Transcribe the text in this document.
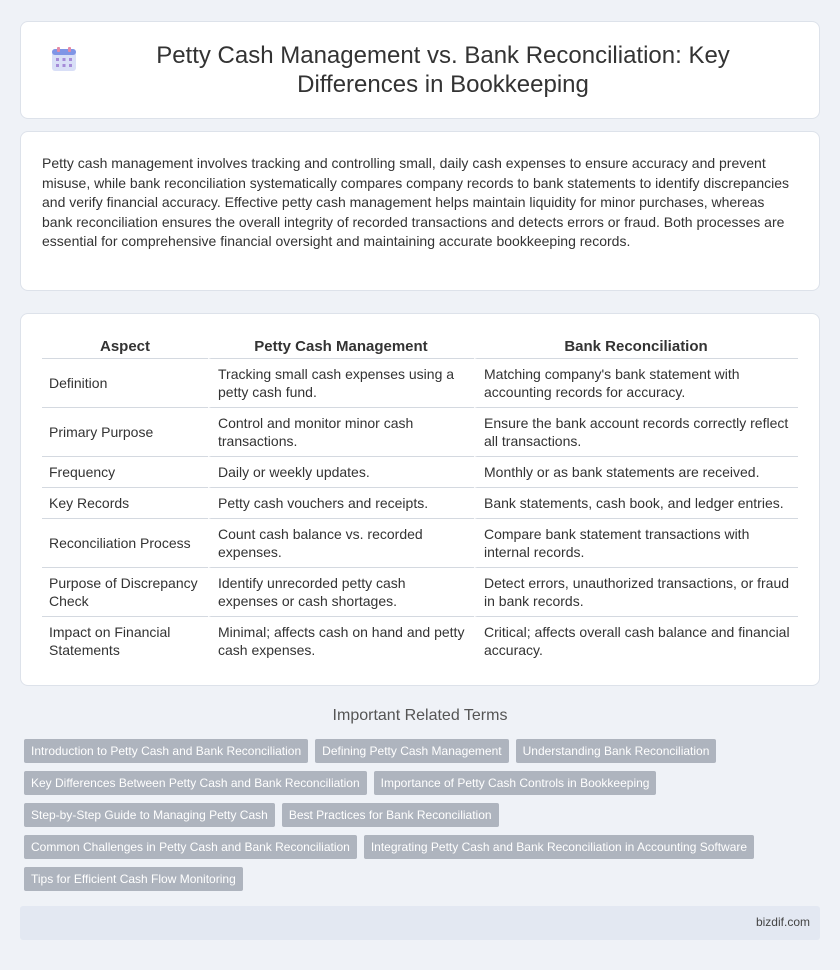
Petty Cash Management vs. Bank Reconciliation: Key Differences in Bookkeeping

Petty cash management involves tracking and controlling small, daily cash expenses to ensure accuracy and prevent misuse, while bank reconciliation systematically compares company records to bank statements to identify discrepancies and verify financial accuracy. Effective petty cash management helps maintain liquidity for minor purchases, whereas bank reconciliation ensures the overall integrity of recorded transactions and detects errors or fraud. Both processes are essential for comprehensive financial oversight and maintaining accurate bookkeeping records.

Aspect	Petty Cash Management	Bank Reconciliation
Definition	Tracking small cash expenses using a petty cash fund.	Matching company's bank statement with accounting records for accuracy.
Primary Purpose	Control and monitor minor cash transactions.	Ensure the bank account records correctly reflect all transactions.
Frequency	Daily or weekly updates.	Monthly or as bank statements are received.
Key Records	Petty cash vouchers and receipts.	Bank statements, cash book, and ledger entries.
Reconciliation Process	Count cash balance vs. recorded expenses.	Compare bank statement transactions with internal records.
Purpose of Discrepancy Check	Identify unrecorded petty cash expenses or cash shortages.	Detect errors, unauthorized transactions, or fraud in bank records.
Impact on Financial Statements	Minimal; affects cash on hand and petty cash expenses.	Critical; affects overall cash balance and financial accuracy.
Important Related Terms
Introduction to Petty Cash and Bank Reconciliation	Defining Petty Cash Management	Understanding Bank Reconciliation
Key Differences Between Petty Cash and Bank Reconciliation	Importance of Petty Cash Controls in Bookkeeping
Step-by-Step Guide to Managing Petty Cash	Best Practices for Bank Reconciliation
Common Challenges in Petty Cash and Bank Reconciliation	Integrating Petty Cash and Bank Reconciliation in Accounting Software
Tips for Efficient Cash Flow Monitoring
bizdif.com
